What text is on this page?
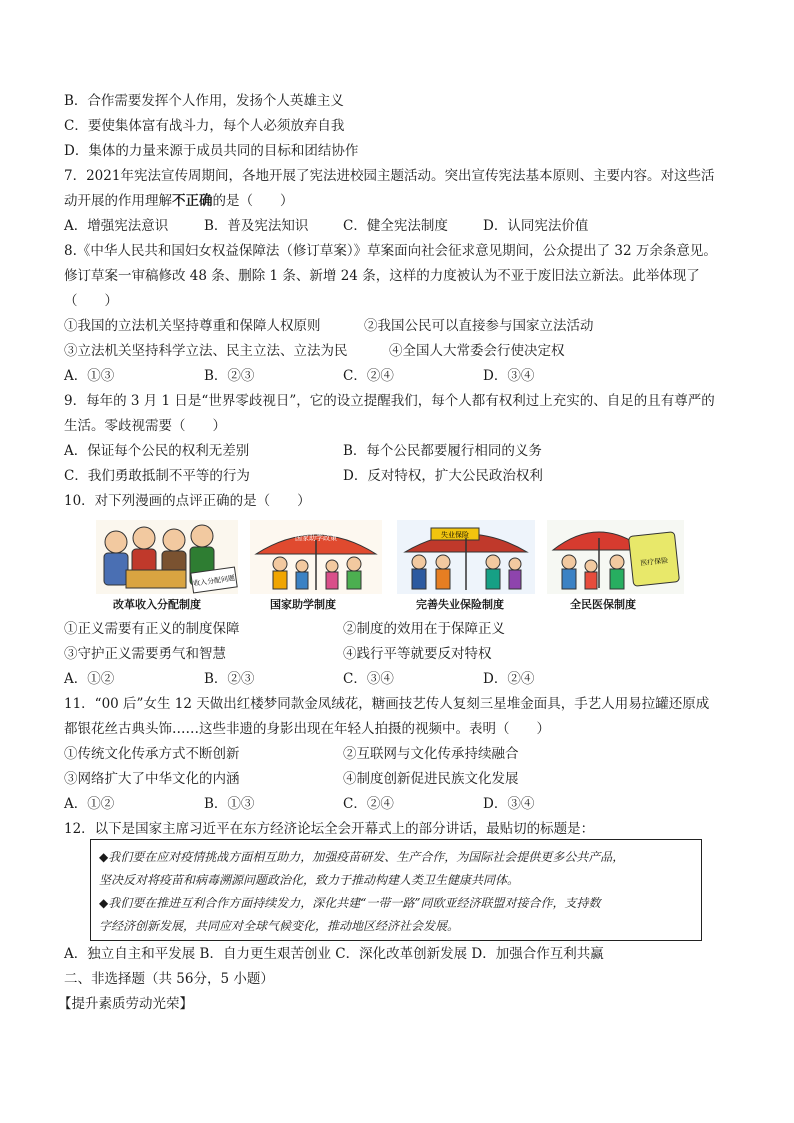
B．合作需要发挥个人作用，发扬个人英雄主义
C．要使集体富有战斗力，每个人必须放弃自我
D．集体的力量来源于成员共同的目标和团结协作
7．2021年宪法宣传周期间，各地开展了宪法进校园主题活动。突出宣传宪法基本原则、主要内容。对这些活
动开展的作用理解不正确的是（　　）
A．增强宪法意识	B．普及宪法知识	C．健全宪法制度	D．认同宪法价值
8.《中华人民共和国妇女权益保障法（修订草案）》草案面向社会征求意见期间，公众提出了 32 万余条意见。
修订草案一审稿修改 48 条、删除 1 条、新增 24 条，这样的力度被认为不亚于废旧法立新法。此举体现了
（　　）
①我国的立法机关坚持尊重和保障人权原则	②我国公民可以直接参与国家立法活动
③立法机关坚持科学立法、民主立法、立法为民	④全国人大常委会行使决定权
A．①③	B．②③	C．②④	D．③④
9．每年的 3 月 1 日是“世界零歧视日”，它的设立提醒我们，每个人都有权利过上充实的、自足的且有尊严的
生活。零歧视需要（　　）
A．保证每个公民的权利无差别	B．每个公民都要履行相同的义务
C．我们勇敢抵制不平等的行为	D．反对特权，扩大公民政治权利
10．对下列漫画的点评正确的是（　　）
收入分配问题
改革收入分配制度
国家助学政策
国家助学制度
失业保险
完善失业保险制度
医疗保险
全民医保制度
①正义需要有正义的制度保障	②制度的效用在于保障正义
③守护正义需要勇气和智慧	④践行平等就要反对特权
A．①②	B．②③	C．③④	D．②④
11．“00 后”女生 12 天做出红楼梦同款金凤绒花，糖画技艺传人复刻三星堆金面具，手艺人用易拉罐还原成
都银花丝古典头饰……这些非遗的身影出现在年轻人拍摄的视频中。表明（　　）
①传统文化传承方式不断创新	②互联网与文化传承持续融合
③网络扩大了中华文化的内涵	④制度创新促进民族文化发展
A．①②	B．①③	C．②④	D．③④
12．以下是国家主席习近平在东方经济论坛全会开幕式上的部分讲话，最贴切的标题是：
◆我们要在应对疫情挑战方面相互助力，加强疫苗研发、生产合作，为国际社会提供更多公共产品，
坚决反对将疫苗和病毒溯源问题政治化，致力于推动构建人类卫生健康共同体。
◆我们要在推进互利合作方面持续发力，深化共建“一带一路”同欧亚经济联盟对接合作，支持数
字经济创新发展，共同应对全球气候变化，推动地区经济社会发展。
A．独立自主和平发展 B．自力更生艰苦创业 C．深化改革创新发展 D．加强合作互利共赢
二、非选择题（共 56分，5 小题）
【提升素质劳动光荣】
